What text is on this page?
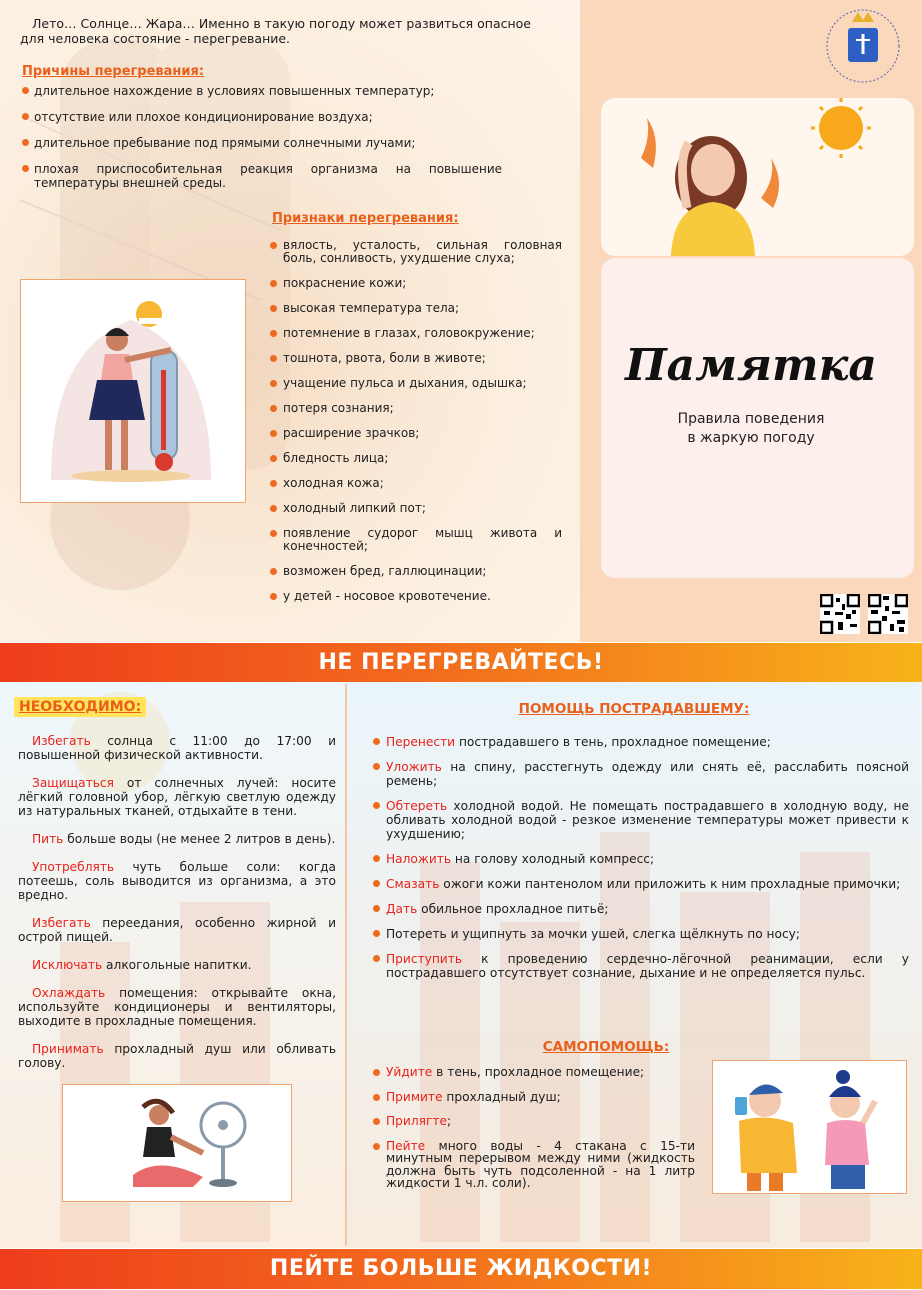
Лето… Солнце… Жара… Именно в такую погоду может развиться опасное
для человека состояние - перегревание.
Причины перегревания:
длительное нахождение в условиях повышенных температур;
отсутствие или плохое кондиционирование воздуха;
длительное пребывание под прямыми солнечными лучами;
плохая приспособительная реакция организма на повышение температуры внешней среды.
Признаки перегревания:
вялость, усталость, сильная головная боль, сонливость, ухудшение слуха;
покраснение кожи;
высокая температура тела;
потемнение в глазах, головокружение;
тошнота, рвота, боли в животе;
учащение пульса и дыхания, одышка;
потеря сознания;
расширение зрачков;
бледность лица;
холодная кожа;
холодный липкий пот;
появление судорог мышц живота и конечностей;
возможен бред, галлюцинации;
у детей - носовое кровотечение.
Памятка
Правила поведения
в жаркую погоду
НЕ ПЕРЕГРЕВАЙТЕСЬ!
НЕОБХОДИМО:

Избегать солнца с 11:00 до 17:00 и повышенной физической активности.

Защищаться от солнечных лучей: носите лёгкий головной убор, лёгкую светлую одежду из натуральных тканей, отдыхайте в тени.

Пить больше воды (не менее 2 литров в день).

Употреблять чуть больше соли: когда потеешь, соль выводится из организма, а это вредно.

Избегать переедания, особенно жирной и острой пищей.

Исключать алкогольные напитки.

Охлаждать помещения: открывайте окна, используйте кондиционеры и вентиляторы, выходите в прохладные помещения.

Принимать прохладный душ или обливать голову.

ПОМОЩЬ ПОСТРАДАВШЕМУ:
Перенести пострадавшего в тень, прохладное помещение;
Уложить на спину, расстегнуть одежду или снять её, расслабить поясной ремень;
Обтереть холодной водой. Не помещать пострадавшего в холодную воду, не обливать холодной водой - резкое изменение температуры может привести к ухудшению;
Наложить на голову холодный компресс;
Смазать ожоги кожи пантенолом или приложить к ним прохладные примочки;
Дать обильное прохладное питьё;
Потереть и ущипнуть за мочки ушей, слегка щёлкнуть по носу;
Приступить к проведению сердечно-лёгочной реанимации, если у пострадавшего отсутствует сознание, дыхание и не определяется пульс.
САМОПОМОЩЬ:
Уйдите в тень, прохладное помещение;
Примите прохладный душ;
Прилягте;
Пейте много воды - 4 стакана с 15-ти минутным перерывом между ними (жидкость должна быть чуть подсоленной - на 1 литр жидкости 1 ч.л. соли).
ПЕЙТЕ БОЛЬШЕ ЖИДКОСТИ!
